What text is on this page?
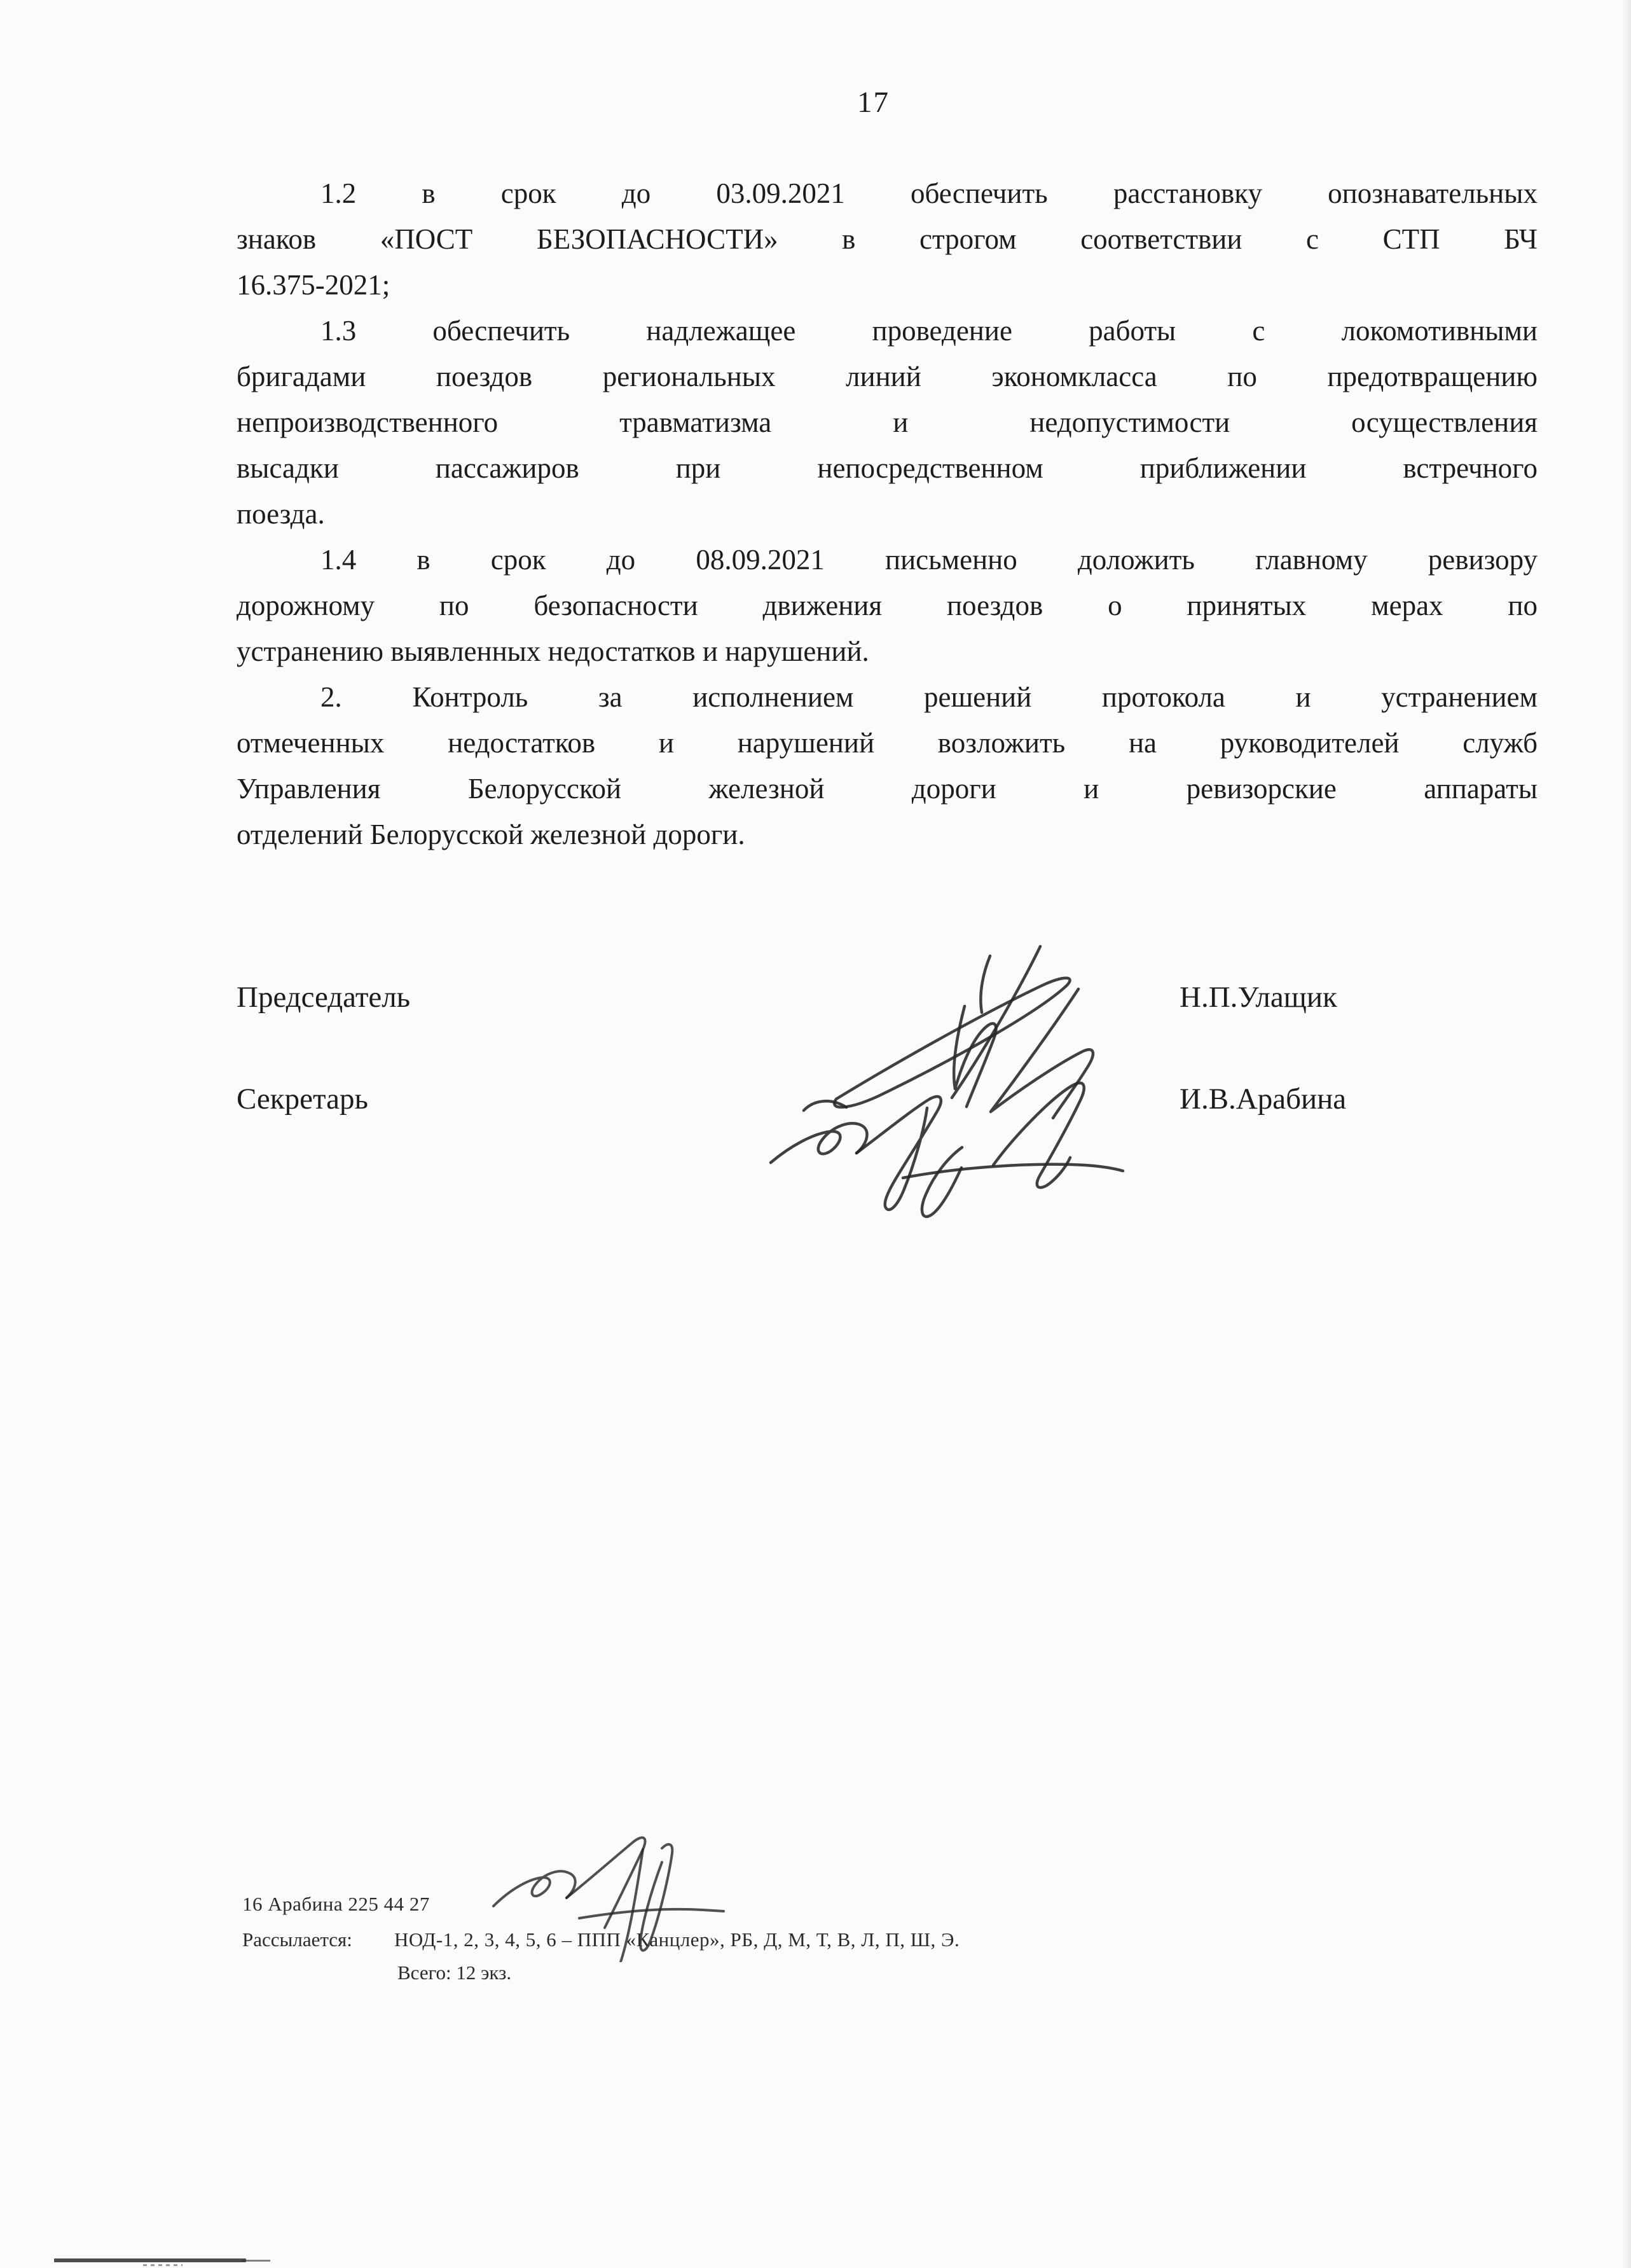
17
1.2 в срок до 03.09.2021 обеспечить расстановку опознавательных
знаков «ПОСТ БЕЗОПАСНОСТИ» в строгом соответствии с СТП БЧ
16.375-2021;
1.3 обеспечить надлежащее проведение работы с локомотивными
бригадами поездов региональных линий экономкласса по предотвращению
непроизводственного травматизма и недопустимости осуществления
высадки пассажиров при непосредственном приближении встречного
поезда.
1.4 в срок до 08.09.2021 письменно доложить главному ревизору
дорожному по безопасности движения поездов о принятых мерах по
устранению выявленных недостатков и нарушений.
2. Контроль за исполнением решений протокола и устранением
отмеченных недостатков и нарушений возложить на руководителей служб
Управления Белорусской железной дороги и ревизорские аппараты
отделений Белорусской железной дороги.
Председатель	Н.П.Улащик
Секретарь	И.В.Арабина
16 Арабина 225 44 27
Рассылается: НОД-1, 2, 3, 4, 5, 6 – ППП «Канцлер», РБ, Д, М, Т, В, Л, П, Ш, Э.
Всего: 12 экз.
